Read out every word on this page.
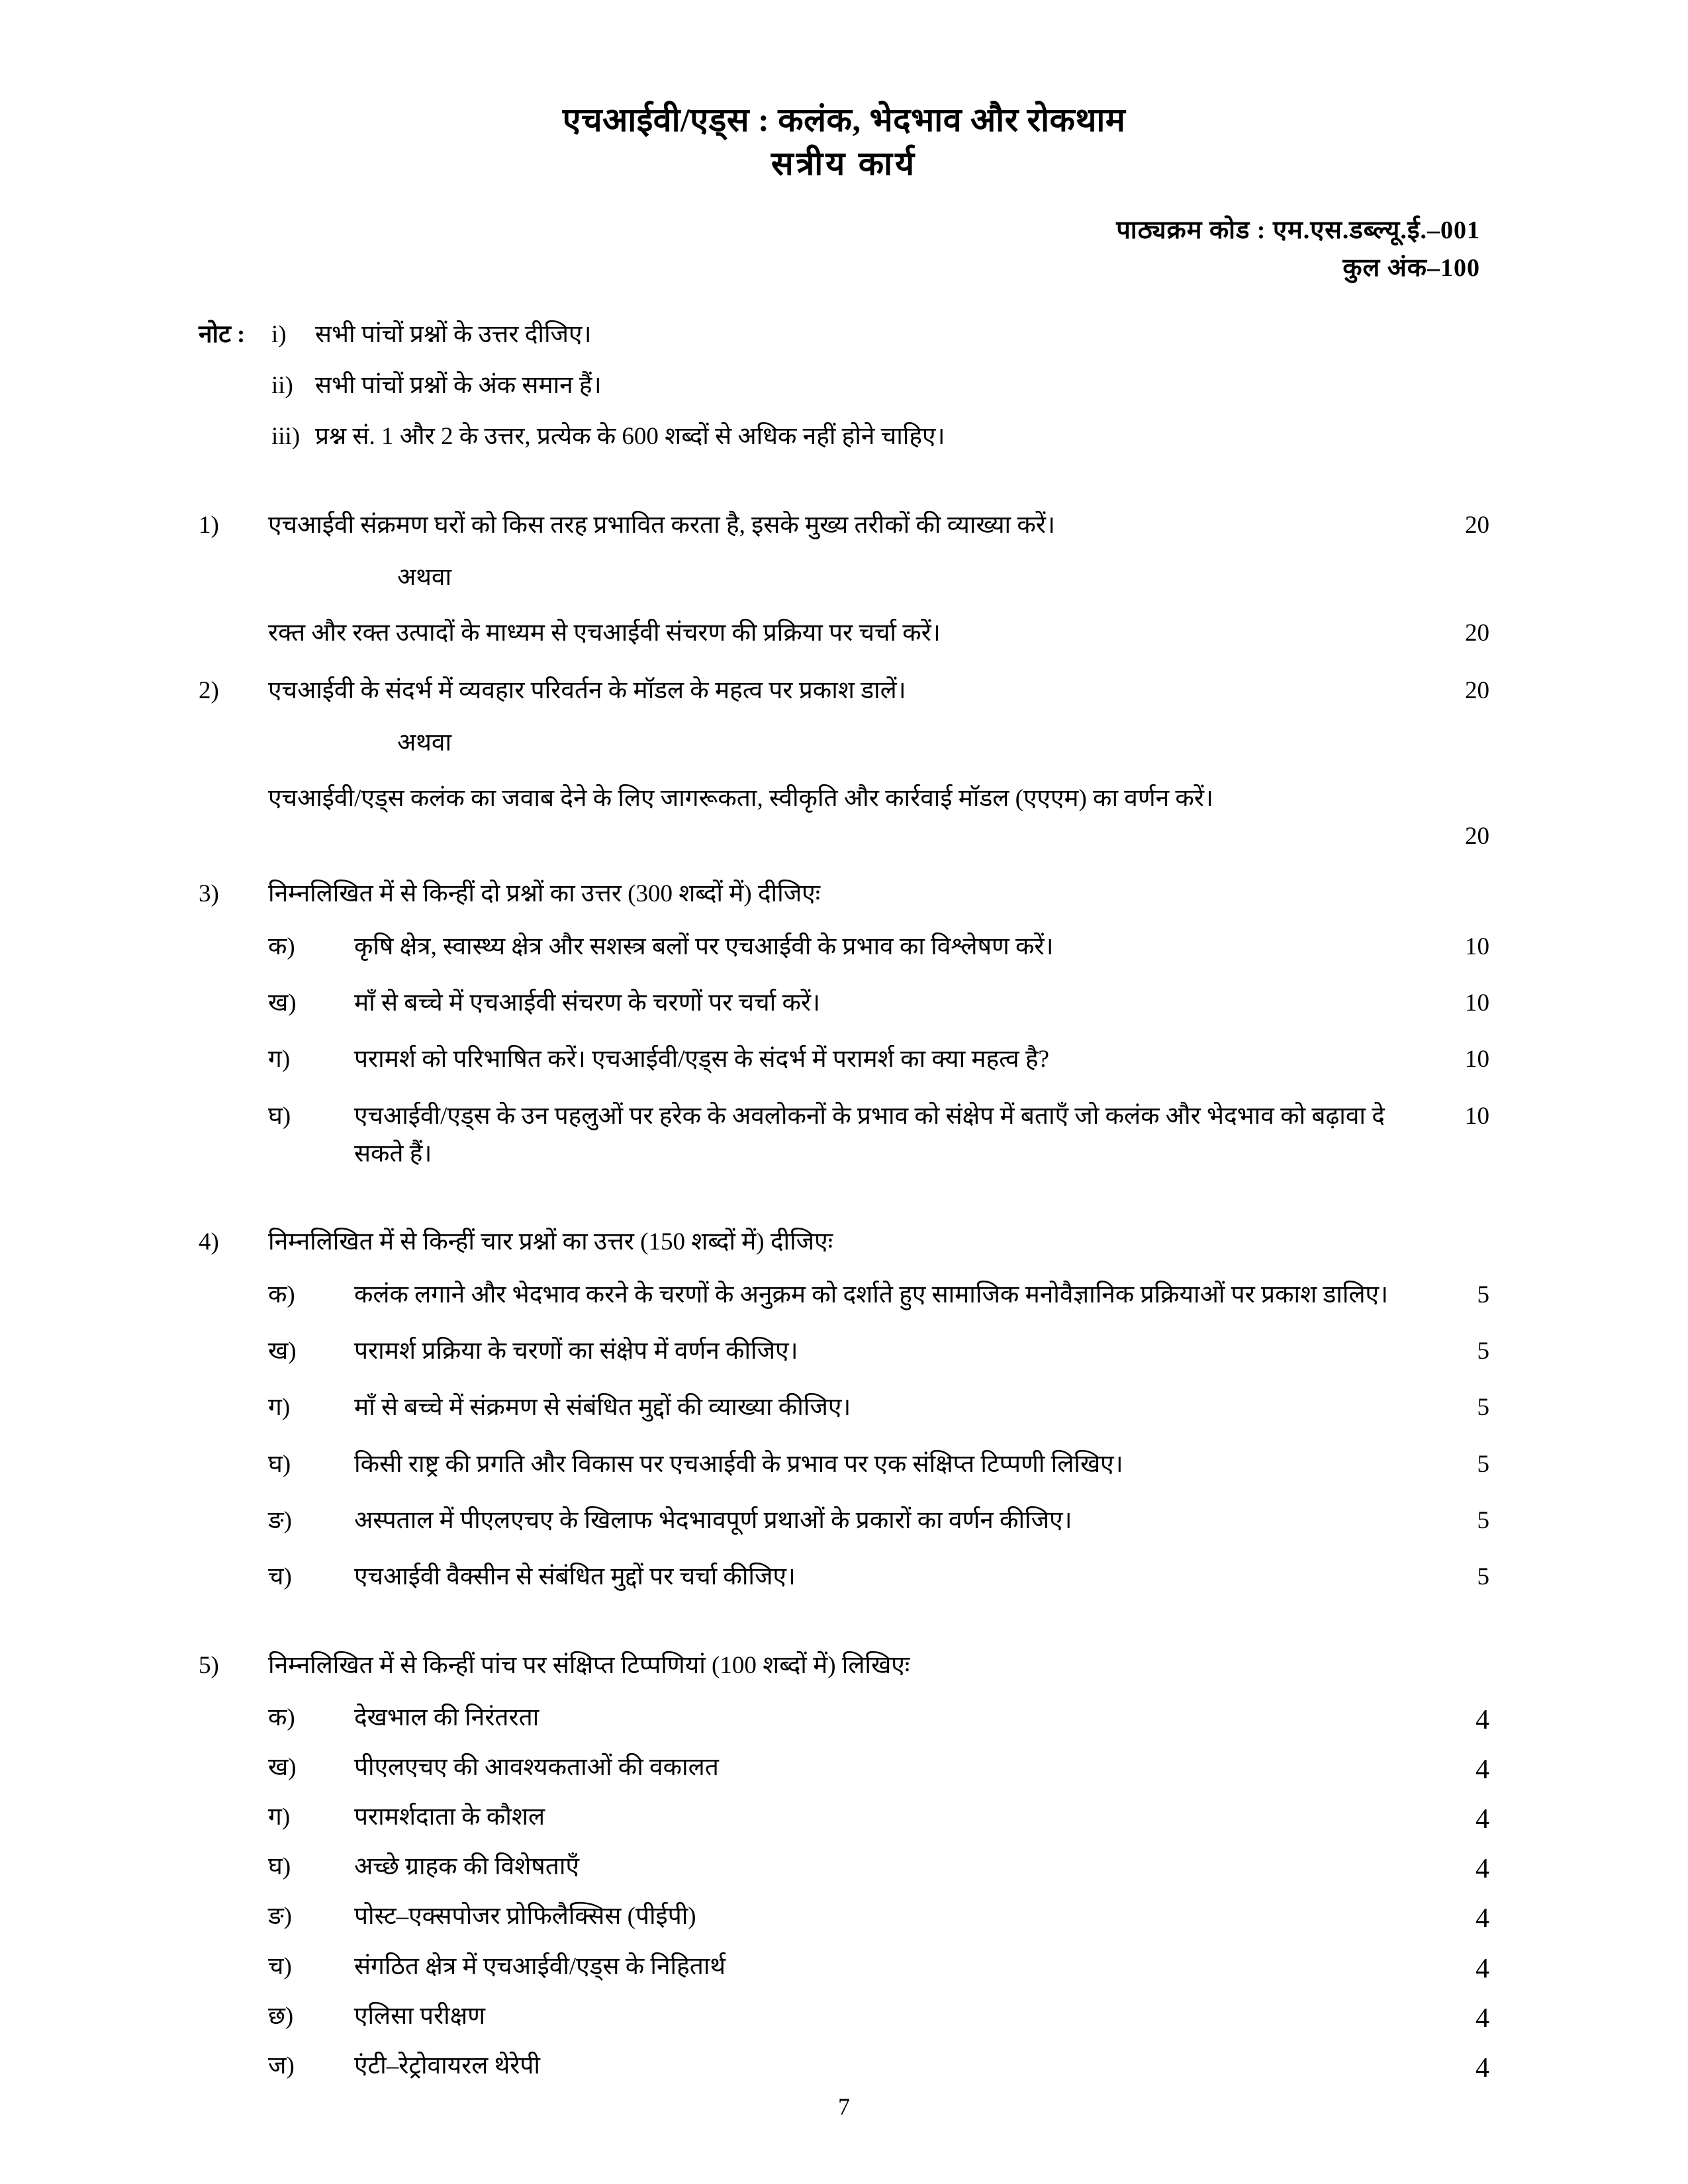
एचआईवी/एड्स : कलंक, भेदभाव और रोकथाम
सत्रीय कार्य
पाठ्यक्रम कोड : एम.एस.डब्ल्यू.ई.–001
कुल अंक–100
नोट :	i)	सभी पांचों प्रश्नों के उत्तर दीजिए।
ii) सभी पांचों प्रश्नों के अंक समान हैं।
iii) प्रश्न सं. 1 और 2 के उत्तर, प्रत्येक के 600 शब्दों से अधिक नहीं होने चाहिए।
1)	एचआईवी संक्रमण घरों को किस तरह प्रभावित करता है, इसके मुख्य तरीकों की व्याख्या करें।	20
अथवा
रक्त और रक्त उत्पादों के माध्यम से एचआईवी संचरण की प्रक्रिया पर चर्चा करें।	20
2)	एचआईवी के संदर्भ में व्यवहार परिवर्तन के मॉडल के महत्व पर प्रकाश डालें।	20
अथवा
एचआईवी/एड्स कलंक का जवाब देने के लिए जागरूकता, स्वीकृति और कार्रवाई मॉडल (एएएम) का वर्णन करें।
20
3)	निम्नलिखित में से किन्हीं दो प्रश्नों का उत्तर (300 शब्दों में) दीजिएः
क)	कृषि क्षेत्र, स्वास्थ्य क्षेत्र और सशस्त्र बलों पर एचआईवी के प्रभाव का विश्लेषण करें।	10
ख)	माँ से बच्चे में एचआईवी संचरण के चरणों पर चर्चा करें।	10
ग)	परामर्श को परिभाषित करें। एचआईवी/एड्स के संदर्भ में परामर्श का क्या महत्व है?	10
घ)	एचआईवी/एड्स के उन पहलुओं पर हरेक के अवलोकनों के प्रभाव को संक्षेप में बताएँ जो कलंक और भेदभाव को बढ़ावा दे सकते हैं।
10
4)	निम्नलिखित में से किन्हीं चार प्रश्नों का उत्तर (150 शब्दों में) दीजिएः
क)	कलंक लगाने और भेदभाव करने के चरणों के अनुक्रम को दर्शाते हुए सामाजिक मनोवैज्ञानिक प्रक्रियाओं पर प्रकाश डालिए।	5
ख)	परामर्श प्रक्रिया के चरणों का संक्षेप में वर्णन कीजिए।	5
ग)	माँ से बच्चे में संक्रमण से संबंधित मुद्दों की व्याख्या कीजिए।	5
घ)	किसी राष्ट्र की प्रगति और विकास पर एचआईवी के प्रभाव पर एक संक्षिप्त टिप्पणी लिखिए।	5
ङ)	अस्पताल में पीएलएचए के खिलाफ भेदभावपूर्ण प्रथाओं के प्रकारों का वर्णन कीजिए।	5
च)	एचआईवी वैक्सीन से संबंधित मुद्दों पर चर्चा कीजिए।	5
5)	निम्नलिखित में से किन्हीं पांच पर संक्षिप्त टिप्पणियां (100 शब्दों में) लिखिएः
क)	देखभाल की निरंतरता	4
ख)	पीएलएचए की आवश्यकताओं की वकालत	4
ग)	परामर्शदाता के कौशल	4
घ)	अच्छे ग्राहक की विशेषताएँ	4
ङ)	पोस्ट–एक्सपोजर प्रोफिलैक्सिस (पीईपी)	4
च)	संगठित क्षेत्र में एचआईवी/एड्स के निहितार्थ	4
छ)	एलिसा परीक्षण	4
ज)	एंटी–रेट्रोवायरल थेरेपी	4
7
